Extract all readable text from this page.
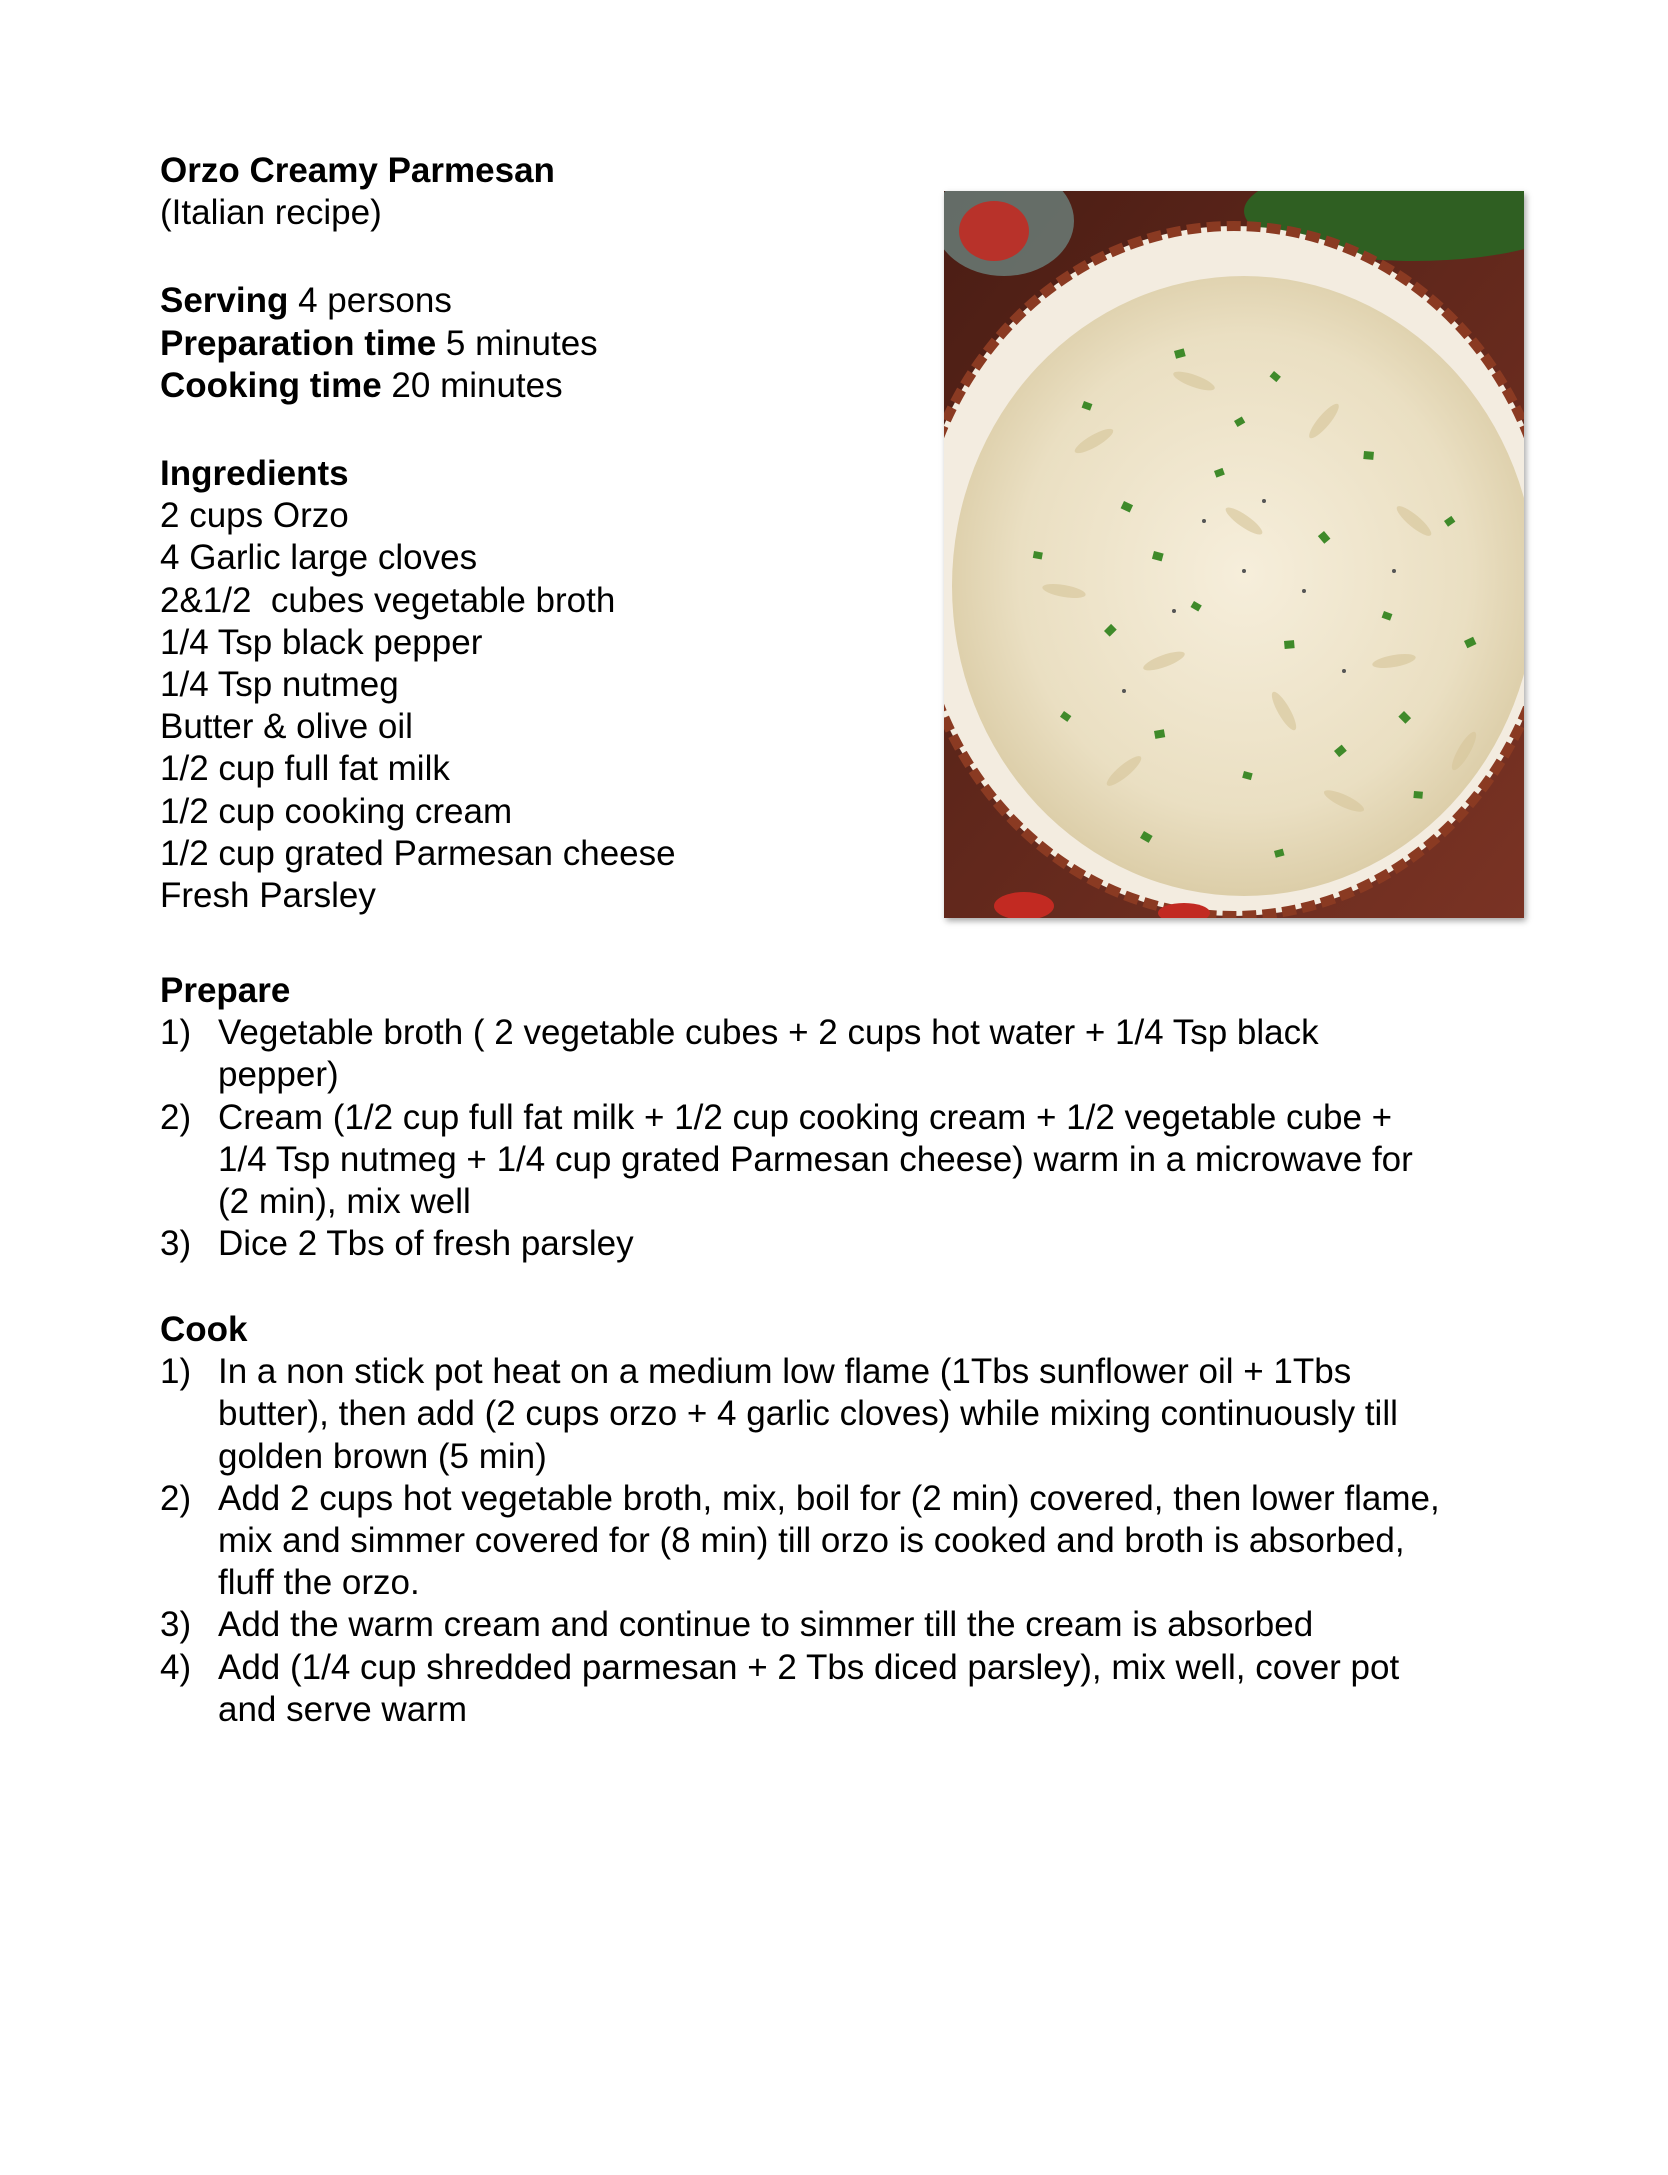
Orzo Creamy Parmesan
(Italian recipe)
Serving 4 persons
Preparation time 5 minutes
Cooking time 20 minutes
Ingredients
2 cups Orzo
4 Garlic large cloves
2&1/2  cubes vegetable broth
1/4 Tsp black pepper
1/4 Tsp nutmeg
Butter & olive oil
1/2 cup full fat milk
1/2 cup cooking cream
1/2 cup grated Parmesan cheese
Fresh Parsley
Prepare
1) Vegetable broth ( 2 vegetable cubes + 2 cups hot water + 1/4 Tsp black
pepper)
2) Cream (1/2 cup full fat milk + 1/2 cup cooking cream + 1/2 vegetable cube +
1/4 Tsp nutmeg + 1/4 cup grated Parmesan cheese) warm in a microwave for
(2 min), mix well
3) Dice 2 Tbs of fresh parsley
Cook
1) In a non stick pot heat on a medium low flame (1Tbs sunflower oil + 1Tbs
butter), then add (2 cups orzo + 4 garlic cloves) while mixing continuously till
golden brown (5 min)
2) Add 2 cups hot vegetable broth, mix, boil for (2 min) covered, then lower flame,
mix and simmer covered for (8 min) till orzo is cooked and broth is absorbed,
fluff the orzo.
3) Add the warm cream and continue to simmer till the cream is absorbed
4) Add (1/4 cup shredded parmesan + 2 Tbs diced parsley), mix well, cover pot
and serve warm
